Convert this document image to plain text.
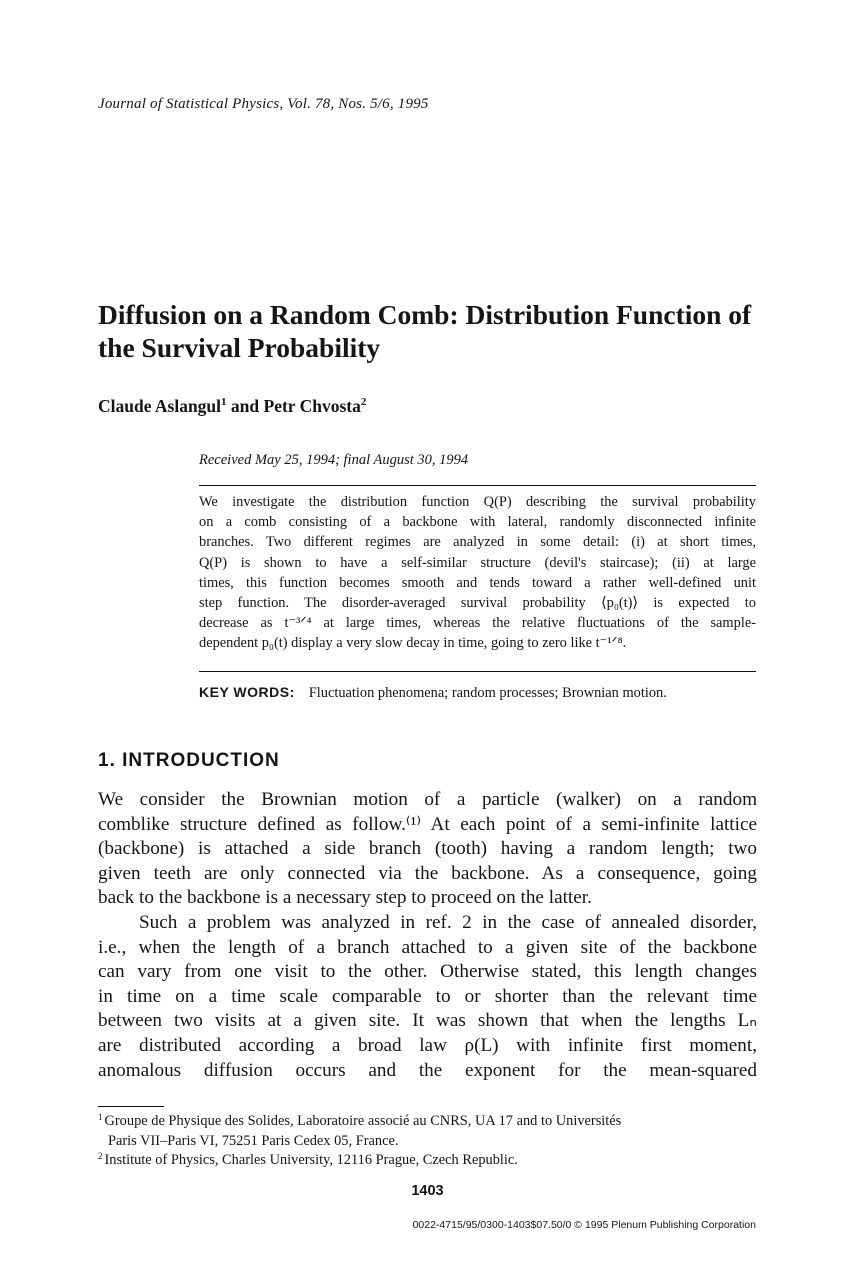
Journal of Statistical Physics, Vol. 78, Nos. 5/6, 1995
Diffusion on a Random Comb: Distribution Function of the Survival Probability
Claude Aslangul$^1$ and Petr Chvosta$^2$
Received May 25, 1994; final August 30, 1994
We investigate the distribution function Q(P) describing the survival probability
on a comb consisting of a backbone with lateral, randomly disconnected infinite
branches. Two different regimes are analyzed in some detail: (i) at short times,
Q(P) is shown to have a self-similar structure (devil's staircase); (ii) at large
times, this function becomes smooth and tends toward a rather well-defined unit
step function. The disorder-averaged survival probability ⟨p₀(t)⟩ is expected to
decrease as t⁻³ᐟ⁴ at large times, whereas the relative fluctuations of the sample-
dependent p₀(t) display a very slow decay in time, going to zero like t⁻¹ᐟ⁸.
KEY WORDS: Fluctuation phenomena; random processes; Brownian motion.
1. INTRODUCTION
We consider the Brownian motion of a particle (walker) on a random
comblike structure defined as follow.⁽¹⁾ At each point of a semi-infinite lattice
(backbone) is attached a side branch (tooth) having a random length; two
given teeth are only connected via the backbone. As a consequence, going
back to the backbone is a necessary step to proceed on the latter.
Such a problem was analyzed in ref. 2 in the case of annealed disorder,
i.e., when the length of a branch attached to a given site of the backbone
can vary from one visit to the other. Otherwise stated, this length changes
in time on a time scale comparable to or shorter than the relevant time
between two visits at a given site. It was shown that when the lengths Lₙ
are distributed according a broad law ρ(L) with infinite first moment,
anomalous diffusion occurs and the exponent for the mean-squared
$^1$ Groupe de Physique des Solides, Laboratoire associé au CNRS, UA 17 and to Universités
Paris VII–Paris VI, 75251 Paris Cedex 05, France.
$^2$ Institute of Physics, Charles University, 12116 Prague, Czech Republic.
1403
0022-4715/95/0300-1403$07.50/0 © 1995 Plenum Publishing Corporation
